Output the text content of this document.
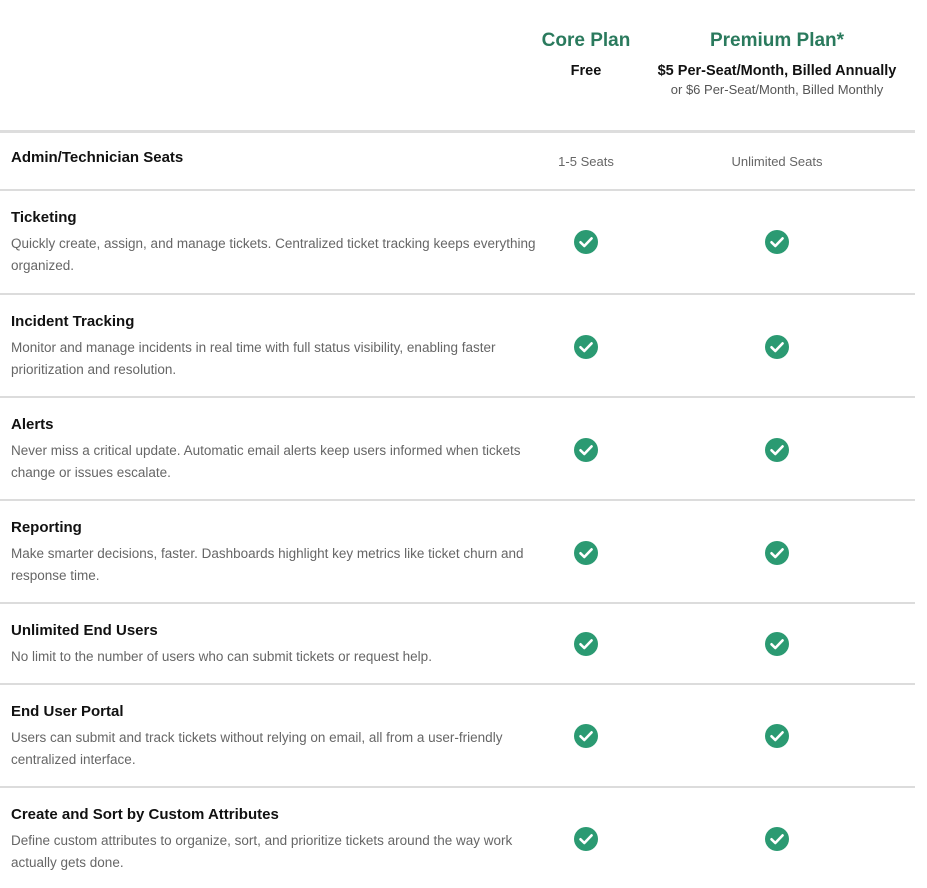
Core Plan
Free
Premium Plan*
$5 Per-Seat/Month, Billed Annually
or $6 Per-Seat/Month, Billed Monthly
Admin/Technician Seats	1-5 Seats	Unlimited Seats
Ticketing
Quickly create, assign, and manage tickets. Centralized ticket tracking keeps everything organized.
Incident Tracking
Monitor and manage incidents in real time with full status visibility, enabling faster prioritization and resolution.
Alerts
Never miss a critical update. Automatic email alerts keep users informed when tickets change or issues escalate.
Reporting
Make smarter decisions, faster. Dashboards highlight key metrics like ticket churn and response time.
Unlimited End Users
No limit to the number of users who can submit tickets or request help.
End User Portal
Users can submit and track tickets without relying on email, all from a user-friendly centralized interface.
Create and Sort by Custom Attributes
Define custom attributes to organize, sort, and prioritize tickets around the way work actually gets done.
